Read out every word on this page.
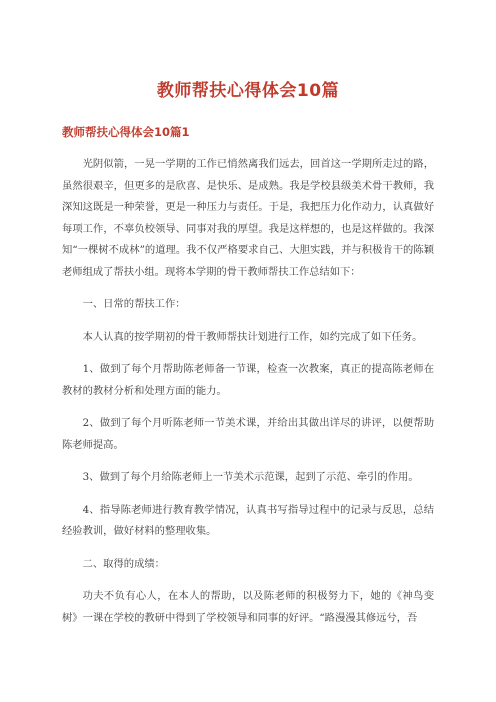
教师帮扶心得体会10篇
教师帮扶心得体会10篇1

光阴似箭，一晃一学期的工作已悄然离我们远去，回首这一学期所走过的路，虽然很艰辛，但更多的是欣喜、是快乐、是成熟。我是学校县级美术骨干教师，我深知这既是一种荣誉，更是一种压力与责任。于是，我把压力化作动力，认真做好每项工作，不辜负校领导、同事对我的厚望。我是这样想的，也是这样做的。我深知“一棵树不成林”的道理。我不仅严格要求自己、大胆实践，并与积极肯干的陈颖老师组成了帮扶小组。现将本学期的骨干教师帮扶工作总结如下：

一、日常的帮扶工作：

本人认真的按学期初的骨干教师帮扶计划进行工作，如约完成了如下任务。

1、做到了每个月帮助陈老师备一节课，检查一次教案，真正的提高陈老师在教材的教材分析和处理方面的能力。

2、做到了每个月听陈老师一节美术课，并给出其做出详尽的讲评，以便帮助陈老师提高。

3、做到了每个月给陈老师上一节美术示范课，起到了示范、牵引的作用。

4、指导陈老师进行教育教学情况，认真书写指导过程中的记录与反思，总结经验教训，做好材料的整理收集。

二、取得的成绩：

功夫不负有心人，在本人的帮助，以及陈老师的积极努力下，她的《神鸟变树》一课在学校的教研中得到了学校领导和同事的好评。“路漫漫其修远兮，吾
